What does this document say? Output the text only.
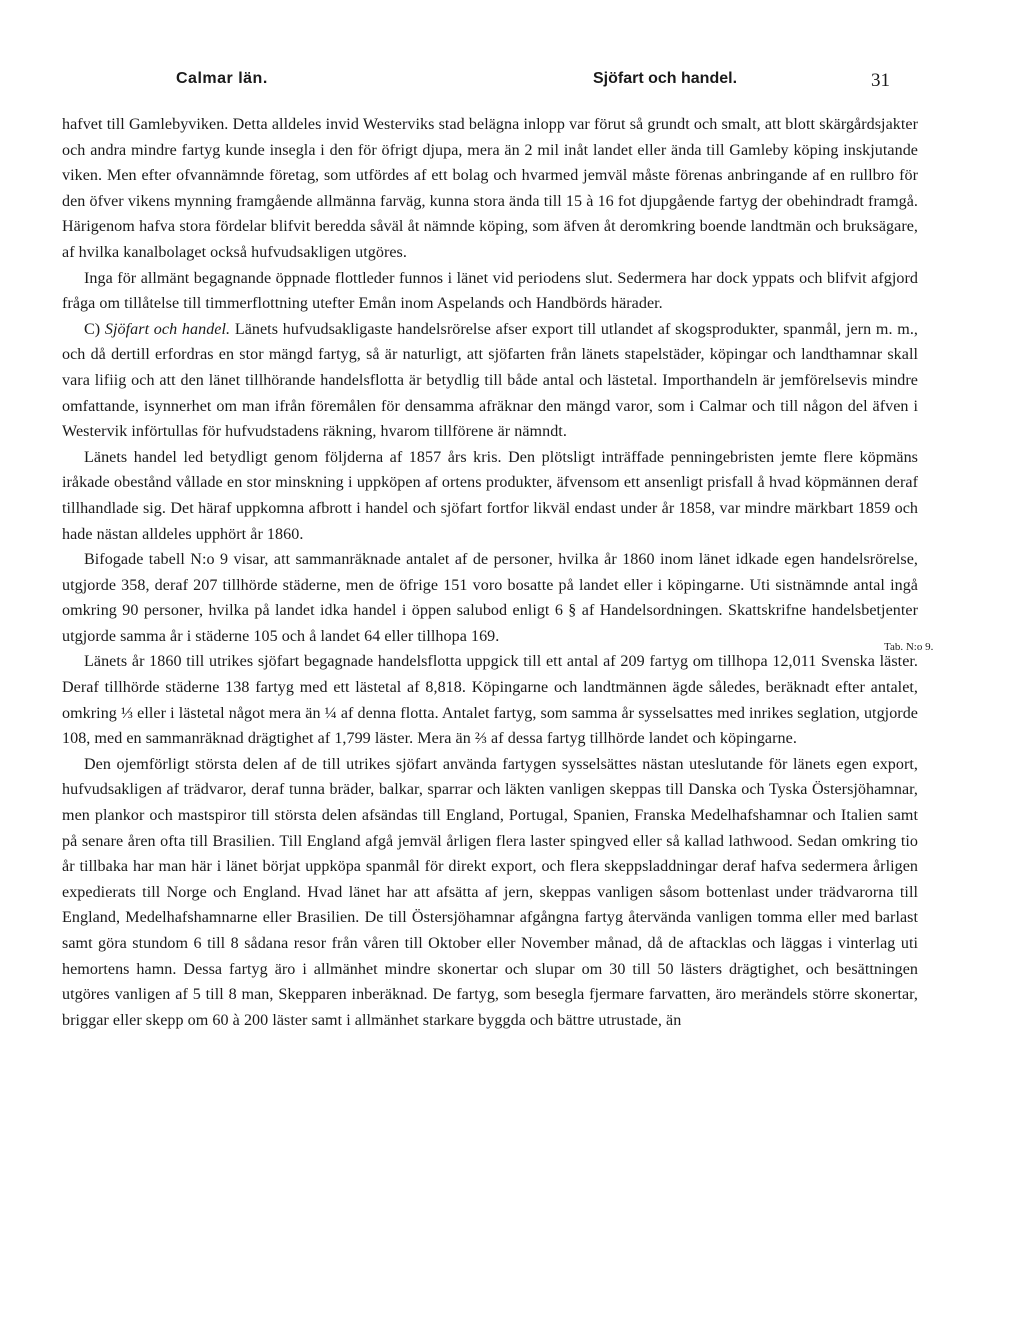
Calmar län.	Sjöfart och handel.	31
Tab. N:o 9.

hafvet till Gamlebyviken. Detta alldeles invid Westerviks stad belägna inlopp var förut så grundt och smalt, att blott skärgårdsjakter och andra mindre fartyg kunde insegla i den för öfrigt djupa, mera än 2 mil inåt landet eller ända till Gamleby köping inskjutande viken. Men efter ofvannämnde företag, som utfördes af ett bolag och hvarmed jemväl måste förenas anbringande af en rullbro för den öfver vikens mynning framgående allmänna farväg, kunna stora ända till 15 à 16 fot djupgående fartyg der obehindradt framgå. Härigenom hafva stora fördelar blifvit beredda såväl åt nämnde köping, som äfven åt deromkring boende landtmän och bruksägare, af hvilka kanalbolaget också hufvudsakligen utgöres.

Inga för allmänt begagnande öppnade flottleder funnos i länet vid periodens slut. Sedermera har dock yppats och blifvit afgjord fråga om tillåtelse till timmerflottning utefter Emån inom Aspelands och Handbörds härader.

C) Sjöfart och handel. Länets hufvudsakligaste handelsrörelse afser export till utlandet af skogsprodukter, spanmål, jern m. m., och då dertill erfordras en stor mängd fartyg, så är naturligt, att sjöfarten från länets stapelstäder, köpingar och landthamnar skall vara lifiig och att den länet tillhörande handelsflotta är betydlig till både antal och lästetal. Importhandeln är jemförelsevis mindre omfattande, isynnerhet om man ifrån föremålen för densamma afräknar den mängd varor, som i Calmar och till någon del äfven i Westervik införtullas för hufvudstadens räkning, hvarom tillförene är nämndt.

Länets handel led betydligt genom följderna af 1857 års kris. Den plötsligt inträffade penningebristen jemte flere köpmäns iråkade obestånd vållade en stor minskning i uppköpen af ortens produkter, äfvensom ett ansenligt prisfall å hvad köpmännen deraf tillhandlade sig. Det häraf uppkomna afbrott i handel och sjöfart fortfor likväl endast under år 1858, var mindre märkbart 1859 och hade nästan alldeles upphört år 1860.

Bifogade tabell N:o 9 visar, att sammanräknade antalet af de personer, hvilka år 1860 inom länet idkade egen handelsrörelse, utgjorde 358, deraf 207 tillhörde städerne, men de öfrige 151 voro bosatte på landet eller i köpingarne. Uti sistnämnde antal ingå omkring 90 personer, hvilka på landet idka handel i öppen salubod enligt 6 § af Handelsordningen. Skattskrifne handelsbetjenter utgjorde samma år i städerne 105 och å landet 64 eller tillhopa 169.

Länets år 1860 till utrikes sjöfart begagnade handelsflotta uppgick till ett antal af 209 fartyg om tillhopa 12,011 Svenska läster. Deraf tillhörde städerne 138 fartyg med ett lästetal af 8,818. Köpingarne och landtmännen ägde således, beräknadt efter antalet, omkring ⅓ eller i lästetal något mera än ¼ af denna flotta. Antalet fartyg, som samma år sysselsattes med inrikes seglation, utgjorde 108, med en sammanräknad drägtighet af 1,799 läster. Mera än ⅔ af dessa fartyg tillhörde landet och köpingarne.

Den ojemförligt största delen af de till utrikes sjöfart använda fartygen sysselsättes nästan uteslutande för länets egen export, hufvudsakligen af trädvaror, deraf tunna bräder, balkar, sparrar och läkten vanligen skeppas till Danska och Tyska Östersjöhamnar, men plankor och mastspiror till största delen afsändas till England, Portugal, Spanien, Franska Medelhafshamnar och Italien samt på senare åren ofta till Brasilien. Till England afgå jemväl årligen flera laster spingved eller så kallad lathwood. Sedan omkring tio år tillbaka har man här i länet börjat uppköpa spanmål för direkt export, och flera skeppsladdningar deraf hafva sedermera årligen expedierats till Norge och England. Hvad länet har att afsätta af jern, skeppas vanligen såsom bottenlast under trädvarorna till England, Medelhafshamnarne eller Brasilien. De till Östersjöhamnar afgångna fartyg återvända vanligen tomma eller med barlast samt göra stundom 6 till 8 sådana resor från våren till Oktober eller November månad, då de aftacklas och läggas i vinterlag uti hemortens hamn. Dessa fartyg äro i allmänhet mindre skonertar och slupar om 30 till 50 lästers drägtighet, och besättningen utgöres vanligen af 5 till 8 man, Skepparen inberäknad. De fartyg, som besegla fjermare farvatten, äro merändels större skonertar, briggar eller skepp om 60 à 200 läster samt i allmänhet starkare byggda och bättre utrustade, än
